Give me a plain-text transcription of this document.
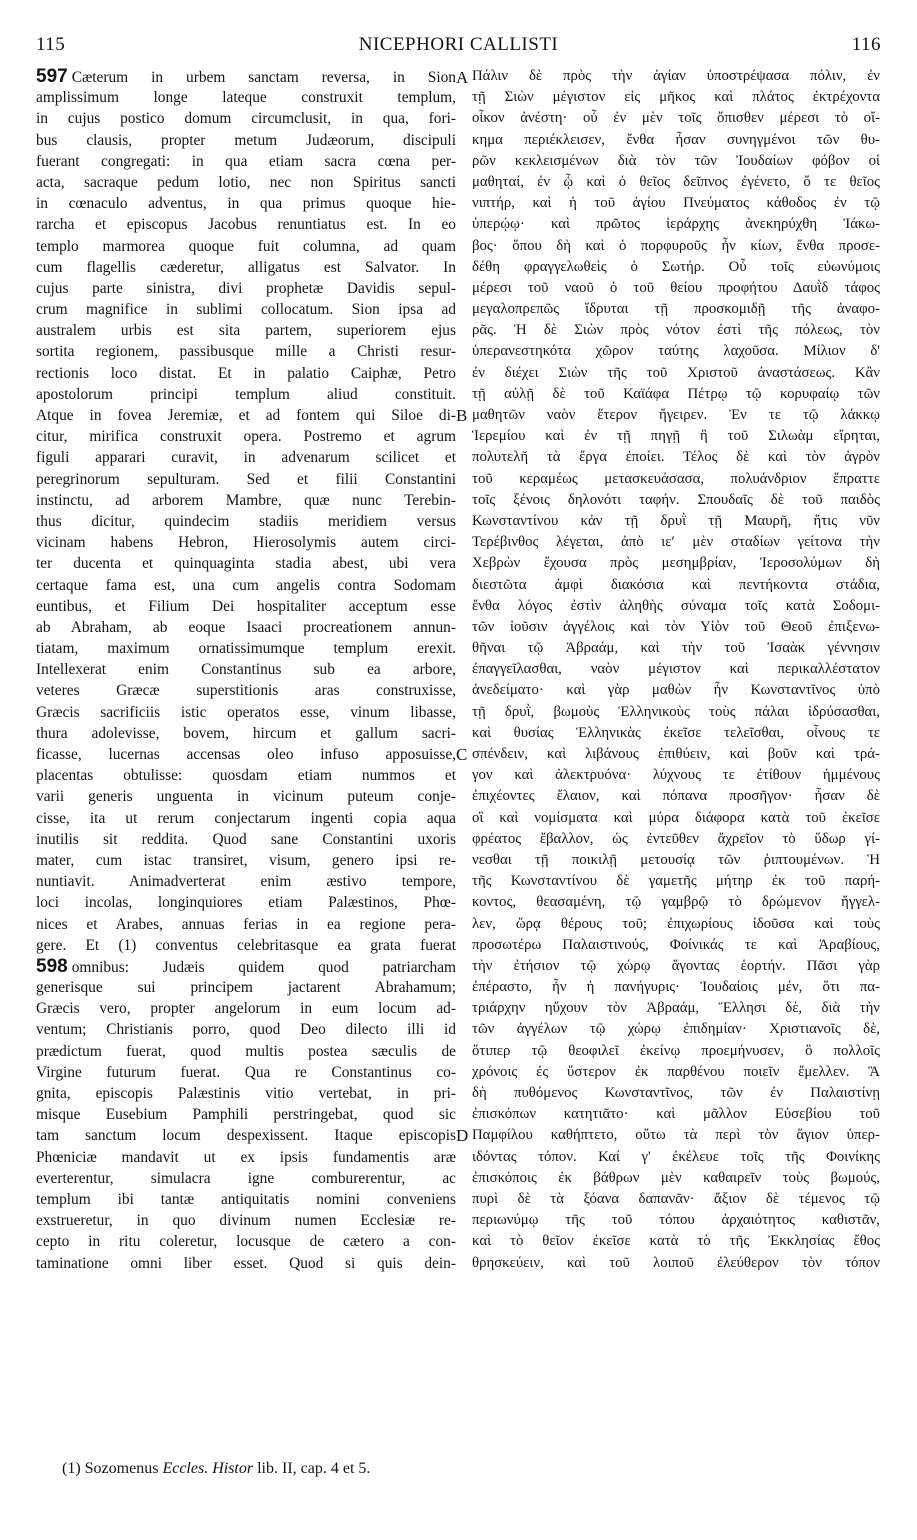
115	NICEPHORI CALLISTI	116
597 Cæterum in urbem sanctam reversa, in Sion
amplissimum longe lateque construxit templum,
in cujus postico domum circumclusit, in qua, fori-
bus clausis, propter metum Judæorum, discipuli
fuerant congregati: in qua etiam sacra cœna per-
acta, sacraque pedum lotio, nec non Spiritus sancti
in cœnaculo adventus, in qua primus quoque hie-
rarcha et episcopus Jacobus renuntiatus est. In eo
templo marmorea quoque fuit columna, ad quam
cum flagellis cæderetur, alligatus est Salvator. In
cujus parte sinistra, divi prophetæ Davidis sepul-
crum magnifice in sublimi collocatum. Sion ipsa ad
australem urbis est sita partem, superiorem ejus
sortita regionem, passibusque mille a Christi resur-
rectionis loco distat. Et in palatio Caiphæ, Petro
apostolorum principi templum aliud constituit.
Atque in fovea Jeremiæ, et ad fontem qui Siloe di-
citur, mirifica construxit opera. Postremo et agrum
figuli apparari curavit, in advenarum scilicet et
peregrinorum sepulturam. Sed et filii Constantini
instinctu, ad arborem Mambre, quæ nunc Terebin-
thus dicitur, quindecim stadiis meridiem versus
vicinam habens Hebron, Hierosolymis autem circi-
ter ducenta et quinquaginta stadia abest, ubi vera
certaque fama est, una cum angelis contra Sodomam
euntibus, et Filium Dei hospitaliter acceptum esse
ab Abraham, ab eoque Isaaci procreationem annun-
tiatam, maximum ornatissimumque templum erexit.
Intellexerat enim Constantinus sub ea arbore,
veteres Græcæ superstitionis aras construxisse,
Græcis sacrificiis istic operatos esse, vinum libasse,
thura adolevisse, bovem, hircum et gallum sacri-
ficasse, lucernas accensas oleo infuso apposuisse,
placentas obtulisse: quosdam etiam nummos et
varii generis unguenta in vicinum puteum conje-
cisse, ita ut rerum conjectarum ingenti copia aqua
inutilis sit reddita. Quod sane Constantini uxoris
mater, cum istac transiret, visum, genero ipsi re-
nuntiavit. Animadverterat enim æstivo tempore,
loci incolas, longinquiores etiam Palæstinos, Phœ-
nices et Arabes, annuas ferias in ea regione pera-
gere. Et (1) conventus celebritasque ea grata fuerat
598 omnibus: Judæis quidem quod patriarcham
generisque sui principem jactarent Abrahamum;
Græcis vero, propter angelorum in eum locum ad-
ventum; Christianis porro, quod Deo dilecto illi id
prædictum fuerat, quod multis postea sæculis de
Virgine futurum fuerat. Qua re Constantinus co-
gnita, episcopis Palæstinis vitio vertebat, in pri-
misque Eusebium Pamphili perstringebat, quod sic
tam sanctum locum despexissent. Itaque episcopis
Phœniciæ mandavit ut ex ipsis fundamentis aræ
everterentur, simulacra igne comburerentur, ac
templum ibi tantæ antiquitatis nomini conveniens
exstrueretur, in quo divinum numen Ecclesiæ re-
cepto in ritu coleretur, locusque de cætero a con-
taminatione omni liber esset. Quod si quis dein-
Πάλιν δὲ πρὸς τὴν ἁγίαν ὑποστρέψασα πόλιν, ἐν
τῇ Σιὼν μέγιστον εἰς μῆκος καὶ πλάτος ἐκτρέχοντα
οἶκον ἀνέστη· οὗ ἐν μὲν τοῖς ὄπισθεν μέρεσι τὸ οἴ-
κημα περιέκλεισεν, ἔνθα ἦσαν συνηγμένοι τῶν θυ-
ρῶν κεκλεισμένων διὰ τὸν τῶν Ἰουδαίων φόβον οἱ
μαθηταί, ἐν ᾧ καὶ ὁ θεῖος δεῖπνος ἐγένετο, ὅ τε θεῖος
νιπτήρ, καὶ ἡ τοῦ ἁγίου Πνεύματος κάθοδος ἐν τῷ
ὑπερῴῳ· καὶ πρῶτος ἱεράρχης ἀνεκηρύχθη Ἰάκω-
βος· ὅπου δὴ καὶ ὁ πορφυροῦς ἦν κίων, ἔνθα προσε-
δέθη φραγγελωθεὶς ὁ Σωτήρ. Οὗ τοῖς εὐωνύμοις
μέρεσι τοῦ ναοῦ ὁ τοῦ θείου προφήτου Δαυῒδ τάφος
μεγαλοπρεπῶς ἵδρυται τῇ προσκομιδῇ τῆς ἀναφο-
ρᾶς. Ἡ δὲ Σιὼν πρὸς νότον ἐστὶ τῆς πόλεως, τὸν
ὑπερανεστηκότα χῶρον ταύτης λαχοῦσα. Μίλιον δ'
ἐν διέχει Σιὼν τῆς τοῦ Χριστοῦ ἀναστάσεως. Κἂν
τῇ αὐλῇ δὲ τοῦ Καϊάφα Πέτρῳ τῷ κορυφαίῳ τῶν
μαθητῶν ναὸν ἕτερον ἤγειρεν. Ἐν τε τῷ λάκκῳ
Ἱερεμίου καὶ ἐν τῇ πηγῇ ἣ τοῦ Σιλωὰμ εἴρηται,
πολυτελῆ τὰ ἔργα ἐποίει. Τέλος δὲ καὶ τὸν ἀγρὸν
τοῦ κεραμέως μετασκευάσασα, πολυάνδριον ἔπραττε
τοῖς ξένοις δηλονότι ταφήν. Σπουδαῖς δὲ τοῦ παιδὸς
Κωνσταντίνου κἀν τῇ δρυῒ τῇ Μαυρῆ, ἥτις νῦν
Τερέβινθος λέγεται, ἀπὸ ιεʹ μὲν σταδίων γείτονα τὴν
Χεβρὼν ἔχουσα πρὸς μεσημβρίαν, Ἱεροσολύμων δὴ
διεστῶτα ἀμφὶ διακόσια καὶ πεντήκοντα στάδια,
ἔνθα λόγος ἐστὶν ἀληθὴς σύναμα τοῖς κατὰ Σοδομι-
τῶν ἰοῦσιν ἀγγέλοις καὶ τὸν Υἱὸν τοῦ Θεοῦ ἐπιξενω-
θῆναι τῷ Ἀβραάμ, καὶ τὴν τοῦ Ἰσαὰκ γέννησιν
ἐπαγγεῖλασθαι, ναὸν μέγιστον καὶ περικαλλέστατον
ἀνεδείματο· καὶ γὰρ μαθὼν ἦν Κωνσταντῖνος ὑπὸ
τῇ δρυῒ, βωμοὺς Ἑλληνικοὺς τοὺς πάλαι ἱδρύσασθαι,
καὶ θυσίας Ἑλληνικὰς ἐκεῖσε τελεῖσθαι, οἶνους τε
σπένδειν, καὶ λιβάνους ἐπιθύειν, καὶ βοῦν καὶ τρά-
γον καὶ ἀλεκτρυόνα· λύχνους τε ἐτίθουν ἡμμένους
ἐπιχέοντες ἔλαιον, καὶ πόπανα προσῆγον· ἦσαν δὲ
οἳ καὶ νομίσματα καὶ μύρα διάφορα κατὰ τοῦ ἐκεῖσε
φρέατος ἔβαλλον, ὡς ἐντεῦθεν ἄχρεῖον τὸ ὕδωρ γί-
νεσθαι τῇ ποικιλῇ μετουσίᾳ τῶν ῥιπτουμένων. Ἡ
τῆς Κωνσταντίνου δὲ γαμετῆς μήτηρ ἐκ τοῦ παρή-
κοντος, θεασαμένη, τῷ γαμβρῷ τὸ δρώμενον ἤγγελ-
λεν, ὥρᾳ θέρους τοῦ; ἐπιχωρίους ἰδοῦσα καὶ τοὺς
προσωτέρω Παλαιστινούς, Φοίνικάς τε καὶ Ἀραβίους,
τὴν ἐτήσιον τῷ χώρῳ ἄγοντας ἑορτήν. Πᾶσι γὰρ
ἐπέραστο, ἦν ἡ πανήγυρις· Ἰουδαίοις μέν, ὅτι πα-
τριάρχην ηὔχουν τὸν Ἀβραάμ, Ἕλλησι δὲ, διὰ τὴν
τῶν ἀγγέλων τῷ χώρῳ ἐπιδημίαν· Χριστιανοῖς δὲ,
ὅτιπερ τῷ θεοφιλεῖ ἐκείνῳ προεμήνυσεν, ὃ πολλοῖς
χρόνοις ἐς ὕστερον ἐκ παρθένου ποιεῖν ἔμελλεν. Ἃ
δὴ πυθόμενος Κωνσταντῖνος, τῶν ἐν Παλαιστίνῃ
ἐπισκόπων κατητιᾶτο· καὶ μᾶλλον Εὐσεβίου τοῦ
Παμφίλου καθήπτετο, οὕτω τὰ περὶ τὸν ἅγιον ὑπερ-
ιδόντας τόπον. Καί γ' ἐκέλευε τοῖς τῆς Φοινίκης
ἐπισκόποις ἐκ βάθρων μὲν καθαιρεῖν τοὺς βωμούς,
πυρὶ δὲ τὰ ξόανα δαπανᾶν· ἄξιον δὲ τέμενος τῷ
περιωνύμῳ τῆς τοῦ τόπου ἀρχαιότητος καθιστᾶν,
καὶ τὸ θεῖον ἐκεῖσε κατὰ τὸ τῆς Ἐκκλησίας ἔθος
θρησκεύειν, καὶ τοῦ λοιποῦ ἐλεύθερον τὸν τόπον
A
B
C
D
(1) Sozomenus Eccles. Histor lib. II, cap. 4 et 5.
